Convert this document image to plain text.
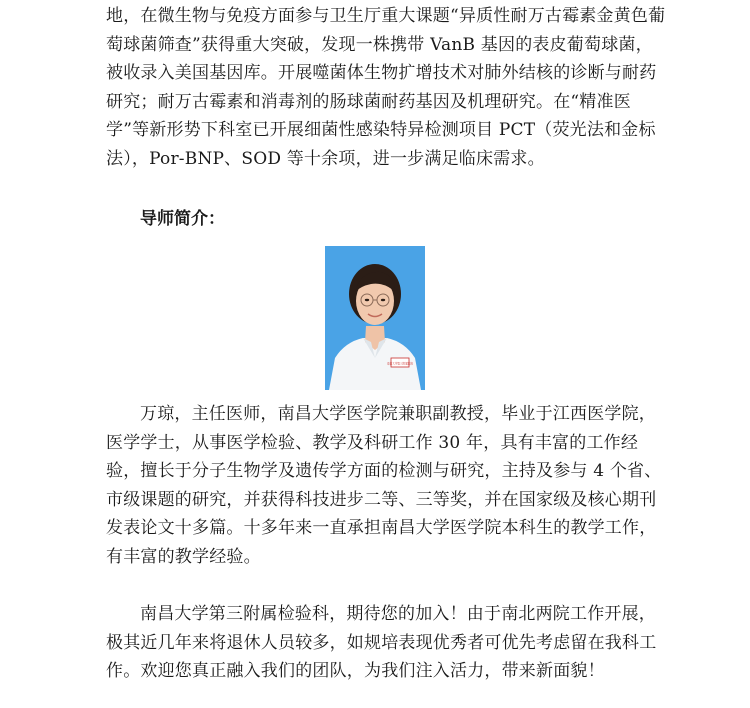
地，在微生物与免疫方面参与卫生厅重大课题“异质性耐万古霉素金黄色葡萄球菌筛查”获得重大突破，发现一株携带 VanB 基因的表皮葡萄球菌，被收录入美国基因库。开展噬菌体生物扩增技术对肺外结核的诊断与耐药研究；耐万古霉素和消毒剂的肠球菌耐药基因及机理研究。在“精准医学”等新形势下科室已开展细菌性感染特异检测项目 PCT（荧光法和金标法），Por-BNP、SOD 等十余项，进一步满足临床需求。

导师简介：
南昌大学第三附属医院

万琼，主任医师，南昌大学医学院兼职副教授，毕业于江西医学院，医学学士，从事医学检验、教学及科研工作 30 年，具有丰富的工作经验，擅长于分子生物学及遗传学方面的检测与研究，主持及参与 4 个省、市级课题的研究，并获得科技进步二等、三等奖，并在国家级及核心期刊发表论文十多篇。十多年来一直承担南昌大学医学院本科生的教学工作，有丰富的教学经验。

南昌大学第三附属检验科，期待您的加入！由于南北两院工作开展，极其近几年来将退休人员较多，如规培表现优秀者可优先考虑留在我科工作。欢迎您真正融入我们的团队，为我们注入活力，带来新面貌！
